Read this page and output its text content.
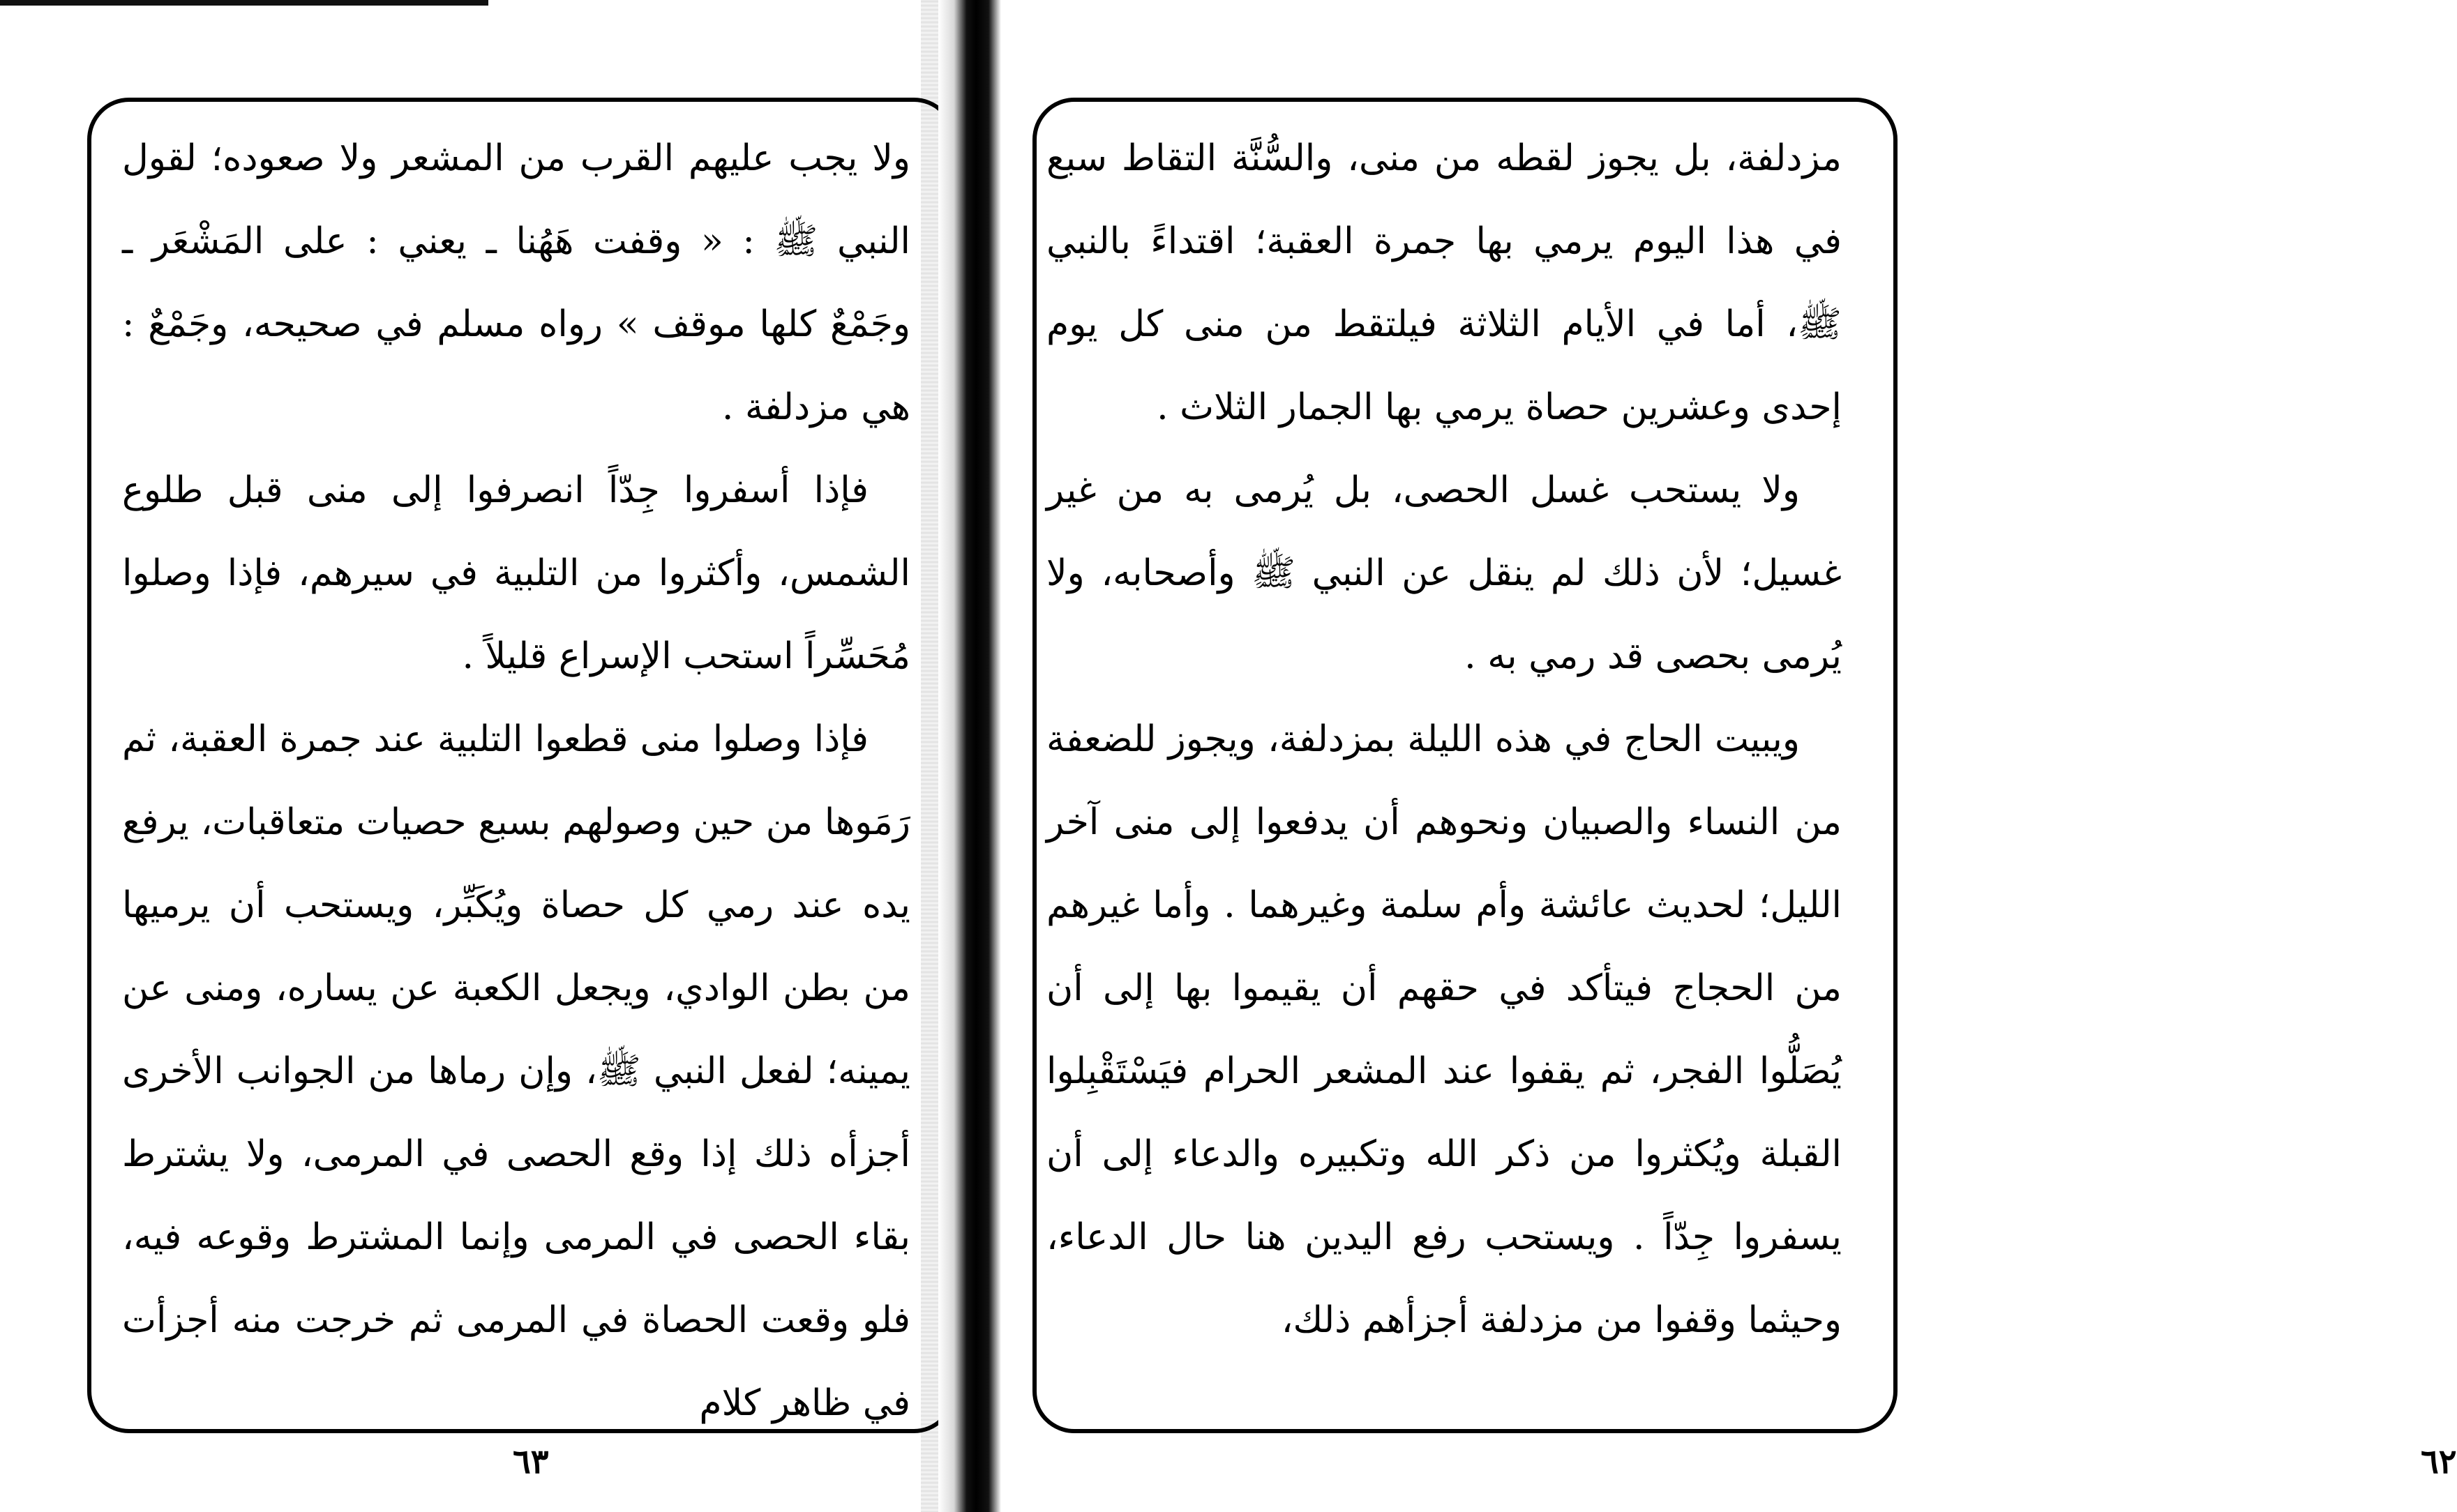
ولا يجب عليهم القرب من المشعر ولا صعوده؛ لقول النبي ﷺ : « وقفت هَهُنا ـ يعني : على المَشْعَر ـ وجَمْعٌ كلها موقف » رواه مسلم في صحيحه، وجَمْعٌ : هي مزدلفة .

فإذا أسفروا جِدّاً انصرفوا إلى منى قبل طلوع الشمس، وأكثروا من التلبية في سيرهم، فإذا وصلوا مُحَسِّراً استحب الإسراع قليلاً .

فإذا وصلوا منى قطعوا التلبية عند جمرة العقبة، ثم رَمَوها من حين وصولهم بسبع حصيات متعاقبات، يرفع يده عند رمي كل حصاة ويُكَبِّر، ويستحب أن يرميها من بطن الوادي، ويجعل الكعبة عن يساره، ومنى عن يمينه؛ لفعل النبي ﷺ، وإن رماها من الجوانب الأخرى أجزأه ذلك إذا وقع الحصى في المرمى، ولا يشترط بقاء الحصى في المرمى وإنما المشترط وقوعه فيه، فلو وقعت الحصاة في المرمى ثم خرجت منه أجزأت في ظاهر كلام

٦٣	٦٢

مزدلفة، بل يجوز لقطه من منى، والسُّنَّة التقاط سبع في هذا اليوم يرمي بها جمرة العقبة؛ اقتداءً بالنبي ﷺ، أما في الأيام الثلاثة فيلتقط من منى كل يوم إحدى وعشرين حصاة يرمي بها الجمار الثلاث .

ولا يستحب غسل الحصى، بل يُرمى به من غير غسيل؛ لأن ذلك لم ينقل عن النبي ﷺ وأصحابه، ولا يُرمى بحصى قد رمي به .

ويبيت الحاج في هذه الليلة بمزدلفة، ويجوز للضعفة من النساء والصبيان ونحوهم أن يدفعوا إلى منى آخر الليل؛ لحديث عائشة وأم سلمة وغيرهما . وأما غيرهم من الحجاج فيتأكد في حقهم أن يقيموا بها إلى أن يُصَلُّوا الفجر، ثم يقفوا عند المشعر الحرام فيَسْتَقْبِلوا القبلة ويُكثروا من ذكر الله وتكبيره والدعاء إلى أن يسفروا جِدّاً . ويستحب رفع اليدين هنا حال الدعاء، وحيثما وقفوا من مزدلفة أجزأهم ذلك،
